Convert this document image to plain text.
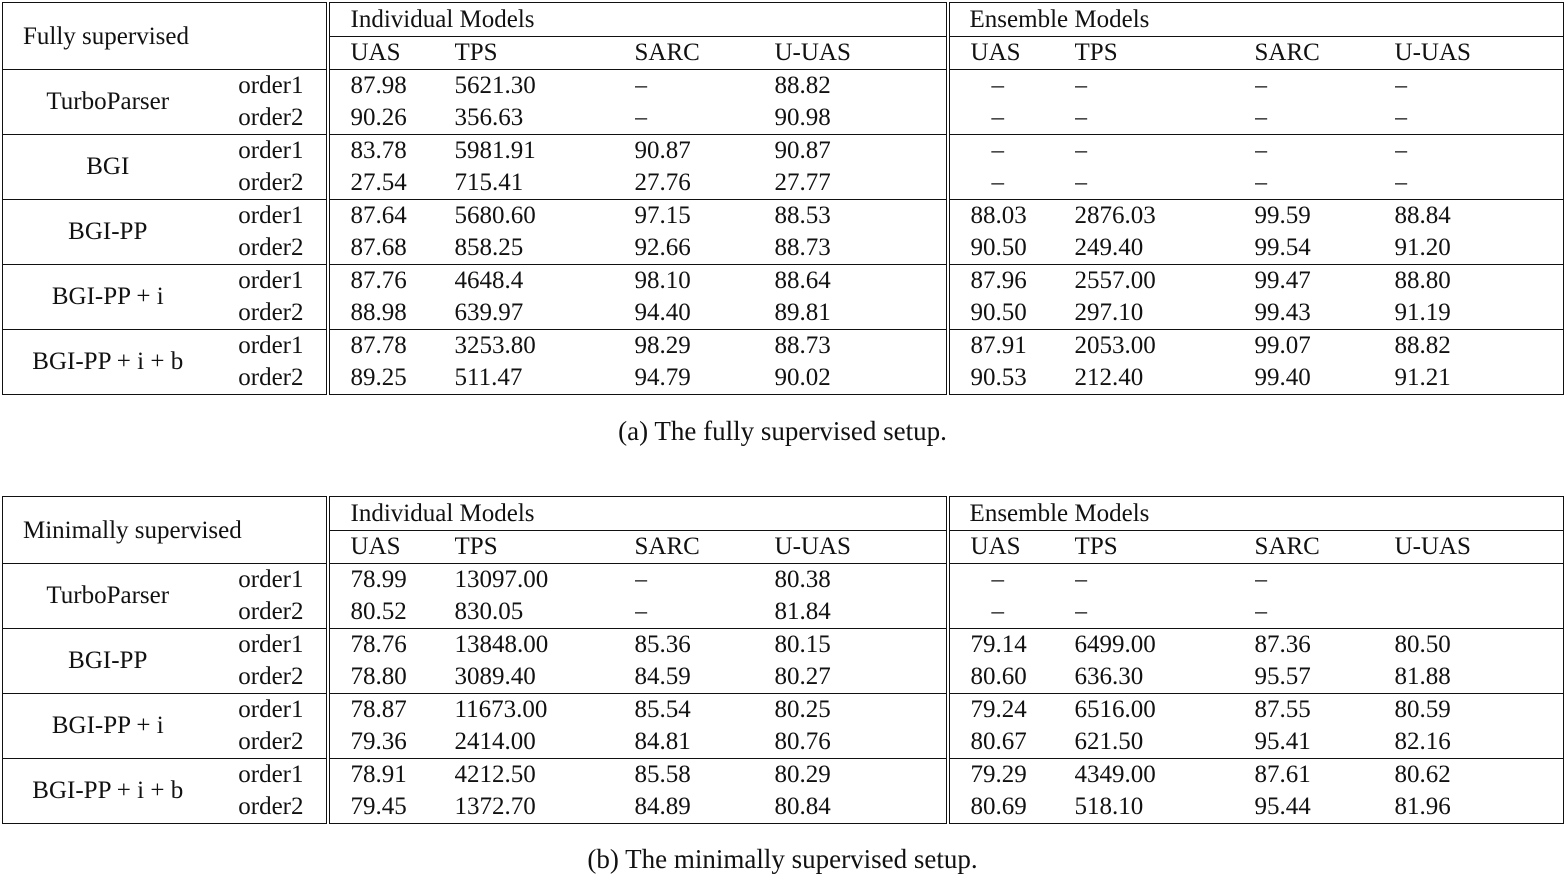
Fully supervised		Individual Models					Ensemble Models				
			UAS	TPS	SARC	U-UAS		UAS	TPS	SARC	U-UAS
TurboParser	order1		87.98	5621.30	–	88.82		–	–	–	–
	order2		90.26	356.63	–	90.98		–	–	–	–
BGI	order1		83.78	5981.91	90.87	90.87		–	–	–	–
	order2		27.54	715.41	27.76	27.77		–	–	–	–
BGI-PP	order1		87.64	5680.60	97.15	88.53		88.03	2876.03	99.59	88.84
	order2		87.68	858.25	92.66	88.73		90.50	249.40	99.54	91.20
BGI-PP + i	order1		87.76	4648.4	98.10	88.64		87.96	2557.00	99.47	88.80
	order2		88.98	639.97	94.40	89.81		90.50	297.10	99.43	91.19
BGI-PP + i + b	order1		87.78	3253.80	98.29	88.73		87.91	2053.00	99.07	88.82
	order2		89.25	511.47	94.79	90.02		90.53	212.40	99.40	91.21
(a) The fully supervised setup.
Minimally supervised		Individual Models					Ensemble Models				
			UAS	TPS	SARC	U-UAS		UAS	TPS	SARC	U-UAS
TurboParser	order1		78.99	13097.00	–	80.38		–	–	–	
	order2		80.52	830.05	–	81.84		–	–	–	
BGI-PP	order1		78.76	13848.00	85.36	80.15		79.14	6499.00	87.36	80.50
	order2		78.80	3089.40	84.59	80.27		80.60	636.30	95.57	81.88
BGI-PP + i	order1		78.87	11673.00	85.54	80.25		79.24	6516.00	87.55	80.59
	order2		79.36	2414.00	84.81	80.76		80.67	621.50	95.41	82.16
BGI-PP + i + b	order1		78.91	4212.50	85.58	80.29		79.29	4349.00	87.61	80.62
	order2		79.45	1372.70	84.89	80.84		80.69	518.10	95.44	81.96
(b) The minimally supervised setup.
